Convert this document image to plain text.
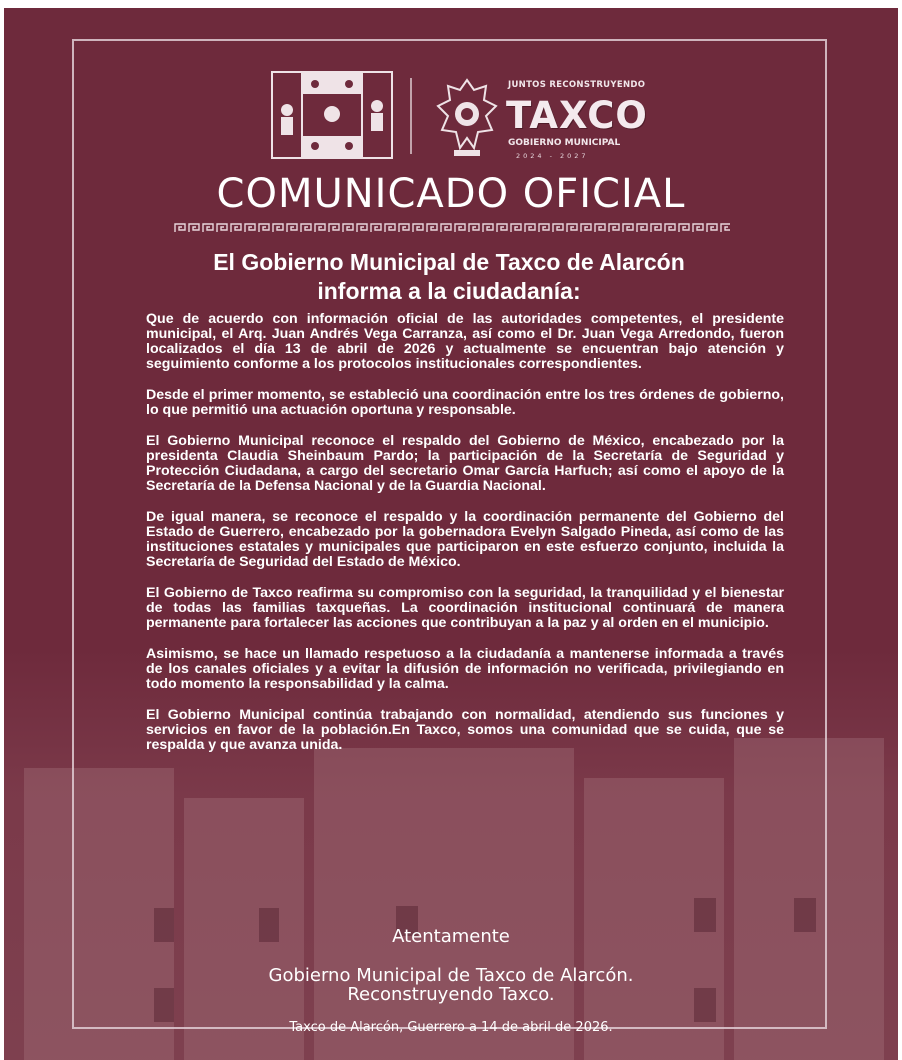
JUNTOS RECONSTRUYENDO
TAXCO
GOBIERNO MUNICIPAL
2024 - 2027
COMUNICADO OFICIAL
El Gobierno Municipal de Taxco de Alarcón
informa a la ciudadanía:

Que de acuerdo con información oficial de las autoridades competentes, el presidente municipal, el Arq. Juan Andrés Vega Carranza, así como el Dr. Juan Vega Arredondo, fueron localizados el día 13 de abril de 2026 y actualmente se encuentran bajo atención y seguimiento conforme a los protocolos institucionales correspondientes.

Desde el primer momento, se estableció una coordinación entre los tres órdenes de gobierno, lo que permitió una actuación oportuna y responsable.

El Gobierno Municipal reconoce el respaldo del Gobierno de México, encabezado por la presidenta Claudia Sheinbaum Pardo; la participación de la Secretaría de Seguridad y Protección Ciudadana, a cargo del secretario Omar García Harfuch; así como el apoyo de la Secretaría de la Defensa Nacional y de la Guardia Nacional.

De igual manera, se reconoce el respaldo y la coordinación permanente del Gobierno del Estado de Guerrero, encabezado por la gobernadora Evelyn Salgado Pineda, así como de las instituciones estatales y municipales que participaron en este esfuerzo conjunto, incluida la Secretaría de Seguridad del Estado de México.

El Gobierno de Taxco reafirma su compromiso con la seguridad, la tranquilidad y el bienestar de todas las familias taxqueñas. La coordinación institucional continuará de manera permanente para fortalecer las acciones que contribuyan a la paz y al orden en el municipio.

Asimismo, se hace un llamado respetuoso a la ciudadanía a mantenerse informada a través de los canales oficiales y a evitar la difusión de información no verificada, privilegiando en todo momento la responsabilidad y la calma.

El Gobierno Municipal continúa trabajando con normalidad, atendiendo sus funciones y servicios en favor de la población.En Taxco, somos una comunidad que se cuida, que se respalda y que avanza unida.

Atentamente
Gobierno Municipal de Taxco de Alarcón.
Reconstruyendo Taxco.
Taxco de Alarcón, Guerrero a 14 de abril de 2026.
